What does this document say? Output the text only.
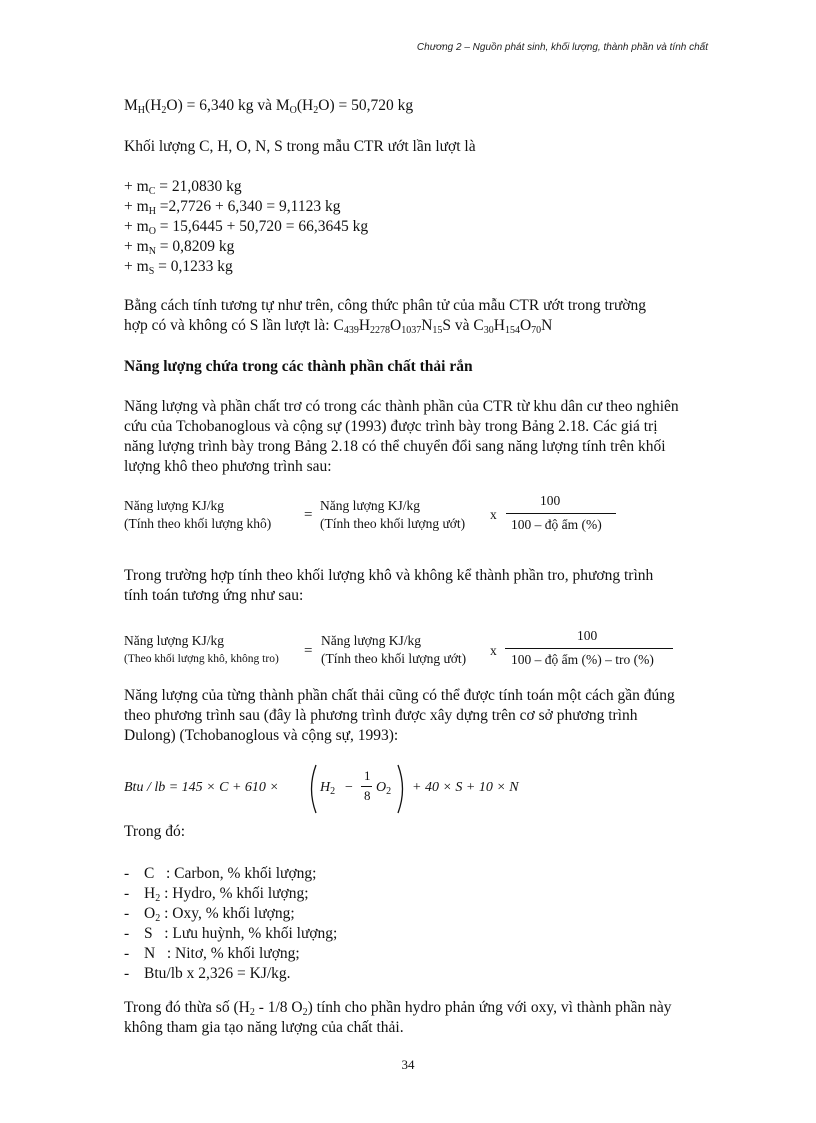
Chương 2 – Nguồn phát sinh, khối lượng, thành phần và tính chất
$M_H(H_2O) = 6,340$ kg và $M_O(H_2O) = 50,720$ kg
Khối lượng C, H, O, N, S trong mẫu CTR ướt lần lượt là
+ $m_C = 21,0830$ kg
+ $m_H =2,7726 + 6,340 = 9,1123$ kg
+ $m_O = 15,6445 + 50,720 = 66,3645$ kg
+ $m_N = 0,8209$ kg
+ $m_S = 0,1233$ kg
Bằng cách tính tương tự như trên, công thức phân tử của mẫu CTR ướt trong trường
hợp có và không có S lần lượt là: $C_{439}H_{2278}O_{1037}N_{15}S$ và $C_{30}H_{154}O_{70}N$
Năng lượng chứa trong các thành phần chất thải rắn
Năng lượng và phần chất trơ có trong các thành phần của CTR từ khu dân cư theo nghiên
cứu của Tchobanoglous và cộng sự (1993) được trình bày trong Bảng 2.18. Các giá trị
năng lượng trình bày trong Bảng 2.18 có thể chuyển đổi sang năng lượng tính trên khối
lượng khô theo phương trình sau:
Năng lượng KJ/kg
(Tính theo khối lượng khô)
=
Năng lượng KJ/kg
(Tính theo khối lượng ướt)
x
100
100 – độ ẩm (%)
Trong trường hợp tính theo khối lượng khô và không kể thành phần tro, phương trình
tính toán tương ứng như sau:
Năng lượng KJ/kg
(Theo khối lượng khô, không tro) =
Năng lượng KJ/kg
(Tính theo khối lượng ướt)
x
100
100 – độ ẩm (%) – tro (%)
Năng lượng của từng thành phần chất thải cũng có thể được tính toán một cách gần đúng
theo phương trình sau (đây là phương trình được xây dựng trên cơ sở phương trình
Dulong) (Tchobanoglous và cộng sự, 1993):
Btu / lb = 145 × C + 610 ×	$H_2$ −
1
8
$O_2 + 40 \times S + 10 \times N$
Trong đó:
- C   : Carbon, % khối lượng;
- $H_2$ : Hydro, % khối lượng;
- $O_2$ : Oxy, % khối lượng;
- S   : Lưu huỳnh, % khối lượng;
- N   : Nitơ, % khối lượng;
- Btu/lb x 2,326 = KJ/kg.
Trong đó thừa số ($H_2 - 1/8$ $O_2$) tính cho phần hydro phản ứng với oxy, vì thành phần này
không tham gia tạo năng lượng của chất thải.
34
